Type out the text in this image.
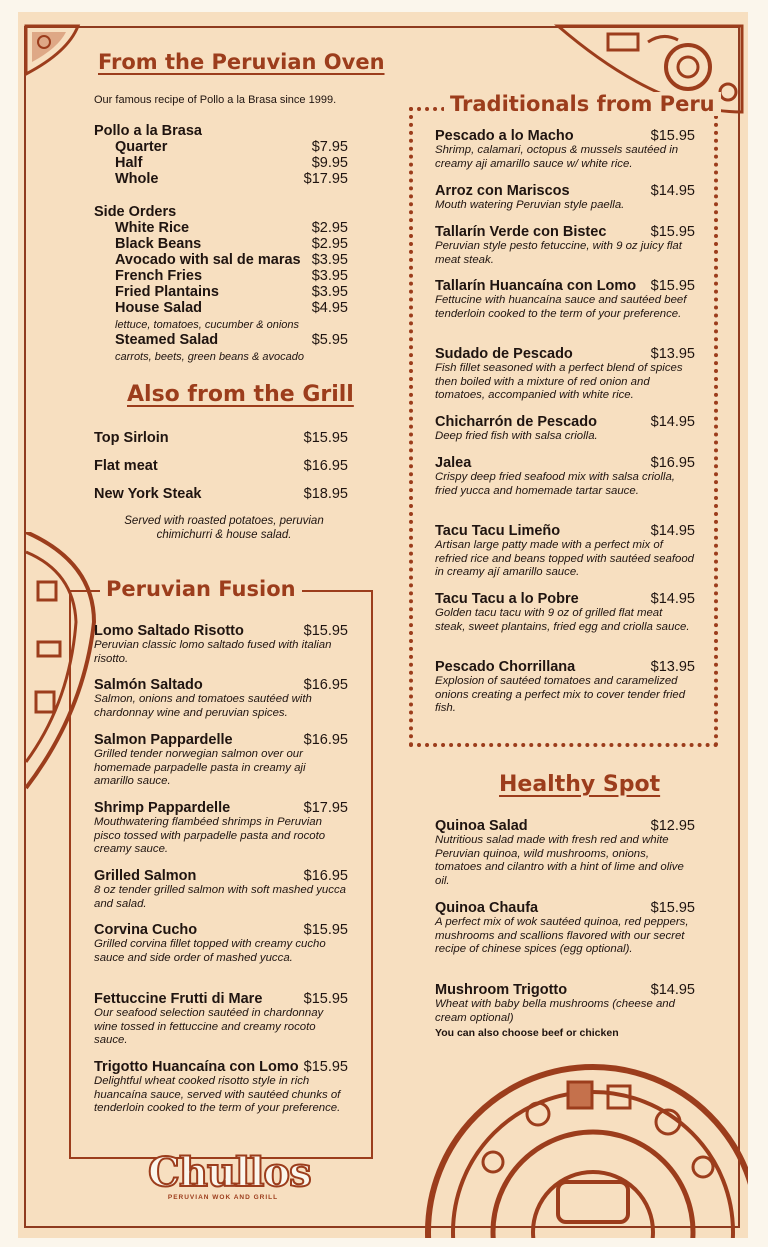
From the Peruvian Oven
Our famous recipe of Pollo a la Brasa since 1999.
Pollo a la Brasa
Quarter	$7.95
Half	$9.95
Whole	$17.95
Side Orders
White Rice	$2.95
Black Beans	$2.95
Avocado with sal de maras $3.95
French Fries	$3.95
Fried Plantains	$3.95
House Salad	$4.95
lettuce, tomatoes, cucumber & onions
Steamed Salad	$5.95
carrots, beets, green beans & avocado
Also from the Grill
Top Sirloin	$15.95
Flat meat	$16.95
New York Steak	$18.95
Served with roasted potatoes, peruvian chimichurri & house salad.
Peruvian Fusion
Lomo Saltado Risotto	$15.95
Peruvian classic lomo saltado fused with italian risotto.
Salmón Saltado	$16.95
Salmon, onions and tomatoes sautéed with chardonnay wine and peruvian spices.
Salmon Pappardelle	$16.95
Grilled tender norwegian salmon over our homemade parpadelle pasta in creamy aji amarillo sauce.
Shrimp Pappardelle	$17.95
Mouthwatering flambéed shrimps in Peruvian pisco tossed with parpadelle pasta and rocoto creamy sauce.
Grilled Salmon	$16.95
8 oz tender grilled salmon with soft mashed yucca and salad.
Corvina Cucho	$15.95
Grilled corvina fillet topped with creamy cucho sauce and side order of mashed yucca.
Fettuccine Frutti di Mare	$15.95
Our seafood selection sautéed in chardonnay wine tossed in fettuccine and creamy rocoto sauce.
Trigotto Huancaína con Lomo $15.95
Delightful wheat cooked risotto style in rich huancaína sauce, served with sautéed chunks of tenderloin cooked to the term of your preference.
Traditionals from Peru
Pescado a lo Macho	$15.95
Shrimp, calamari, octopus & mussels sautéed in creamy aji amarillo sauce w/ white rice.
Arroz con Mariscos	$14.95
Mouth watering Peruvian style paella.
Tallarín Verde con Bistec	$15.95
Peruvian style pesto fetuccine, with 9 oz juicy flat meat steak.
Tallarín Huancaína con Lomo $15.95
Fettucine with huancaína sauce and sautéed beef tenderloin cooked to the term of your preference.
Sudado de Pescado	$13.95
Fish fillet seasoned with a perfect blend of spices then boiled with a mixture of red onion and tomatoes, accompanied with white rice.
Chicharrón de Pescado	$14.95
Deep fried fish with salsa criolla.
Jalea	$16.95
Crispy deep fried seafood mix with salsa criolla, fried yucca and homemade tartar sauce.
Tacu Tacu Limeño	$14.95
Artisan large patty made with a perfect mix of refried rice and beans topped with sautéed seafood in creamy ají amarillo sauce.
Tacu Tacu a lo Pobre	$14.95
Golden tacu tacu with 9 oz of grilled flat meat steak, sweet plantains, fried egg and criolla sauce.
Pescado Chorrillana	$13.95
Explosion of sautéed tomatoes and caramelized onions creating a perfect mix to cover tender fried fish.
Healthy Spot
Quinoa Salad	$12.95
Nutritious salad made with fresh red and white Peruvian quinoa, wild mushrooms, onions, tomatoes and cilantro with a hint of lime and olive oil.
Quinoa Chaufa	$15.95
A perfect mix of wok sautéed quinoa, red peppers, mushrooms and scallions flavored with our secret recipe of chinese spices (egg optional).
Mushroom Trigotto	$14.95
Wheat with baby bella mushrooms (cheese and cream optional)
You can also choose beef or chicken
Chullos
PERUVIAN WOK AND GRILL
